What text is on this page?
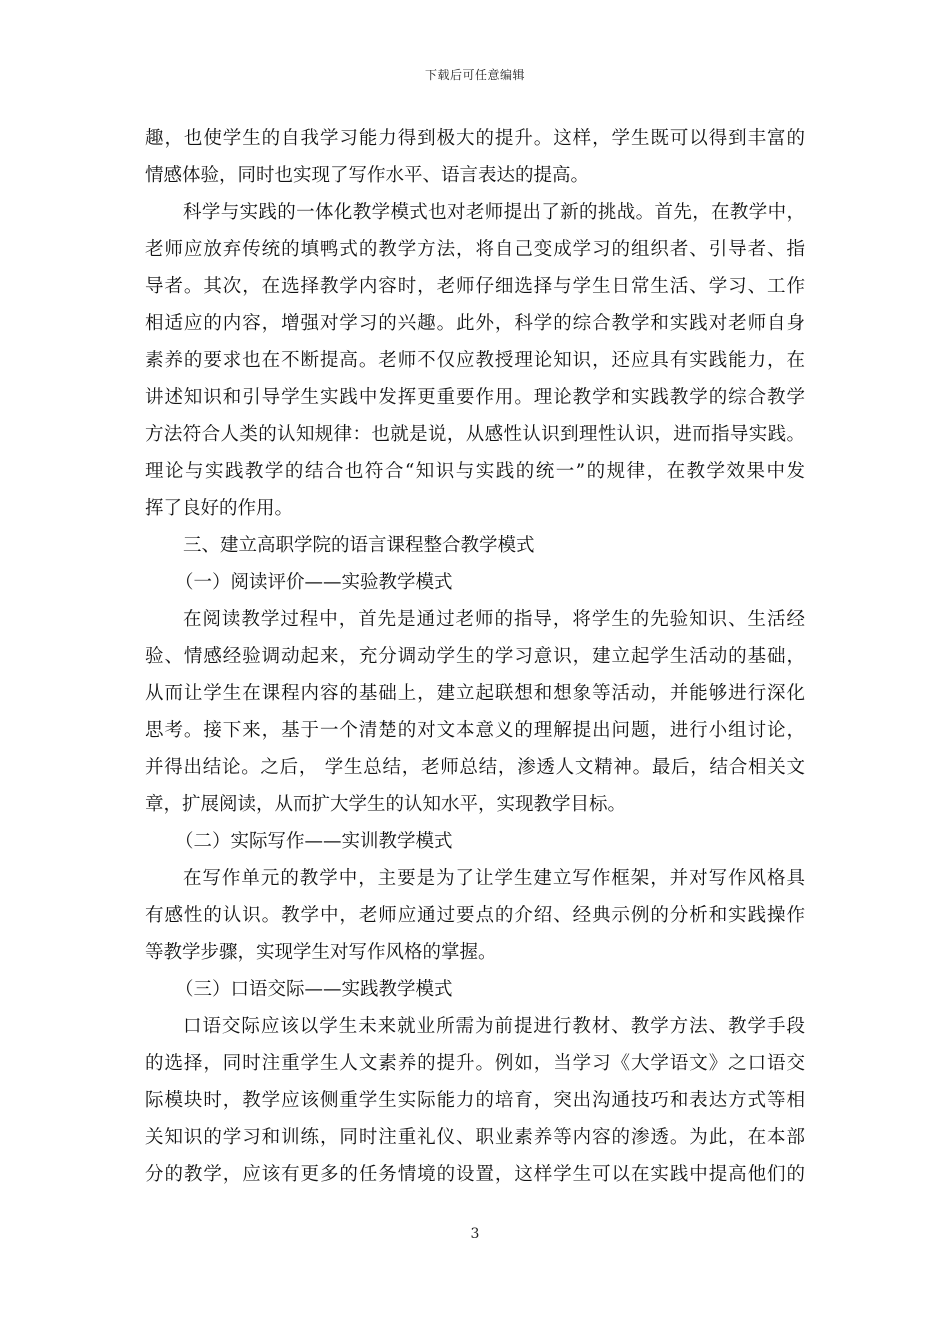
下载后可任意编辑
趣，也使学生的自我学习能力得到极大的提升。这样，学生既可以得到丰富的
情感体验，同时也实现了写作水平、语言表达的提高。
科学与实践的一体化教学模式也对老师提出了新的挑战。首先，在教学中，
老师应放弃传统的填鸭式的教学方法，将自己变成学习的组织者、引导者、指
导者。其次，在选择教学内容时，老师仔细选择与学生日常生活、学习、工作
相适应的内容，增强对学习的兴趣。此外，科学的综合教学和实践对老师自身
素养的要求也在不断提高。老师不仅应教授理论知识，还应具有实践能力，在
讲述知识和引导学生实践中发挥更重要作用。理论教学和实践教学的综合教学
方法符合人类的认知规律：也就是说，从感性认识到理性认识，进而指导实践。
理论与实践教学的结合也符合“知识与实践的统一”的规律，在教学效果中发
挥了良好的作用。
三、建立高职学院的语言课程整合教学模式
（一）阅读评价——实验教学模式
在阅读教学过程中，首先是通过老师的指导，将学生的先验知识、生活经
验、情感经验调动起来，充分调动学生的学习意识，建立起学生活动的基础，
从而让学生在课程内容的基础上，建立起联想和想象等活动，并能够进行深化
思考。接下来，基于一个清楚的对文本意义的理解提出问题，进行小组讨论，
并得出结论。之后， 学生总结，老师总结，渗透人文精神。最后，结合相关文
章，扩展阅读，从而扩大学生的认知水平，实现教学目标。
（二）实际写作——实训教学模式
在写作单元的教学中，主要是为了让学生建立写作框架，并对写作风格具
有感性的认识。教学中，老师应通过要点的介绍、经典示例的分析和实践操作
等教学步骤，实现学生对写作风格的掌握。
（三）口语交际——实践教学模式
口语交际应该以学生未来就业所需为前提进行教材、教学方法、教学手段
的选择，同时注重学生人文素养的提升。例如，当学习《大学语文》之口语交
际模块时，教学应该侧重学生实际能力的培育，突出沟通技巧和表达方式等相
关知识的学习和训练，同时注重礼仪、职业素养等内容的渗透。为此，在本部
分的教学，应该有更多的任务情境的设置，这样学生可以在实践中提高他们的
3
